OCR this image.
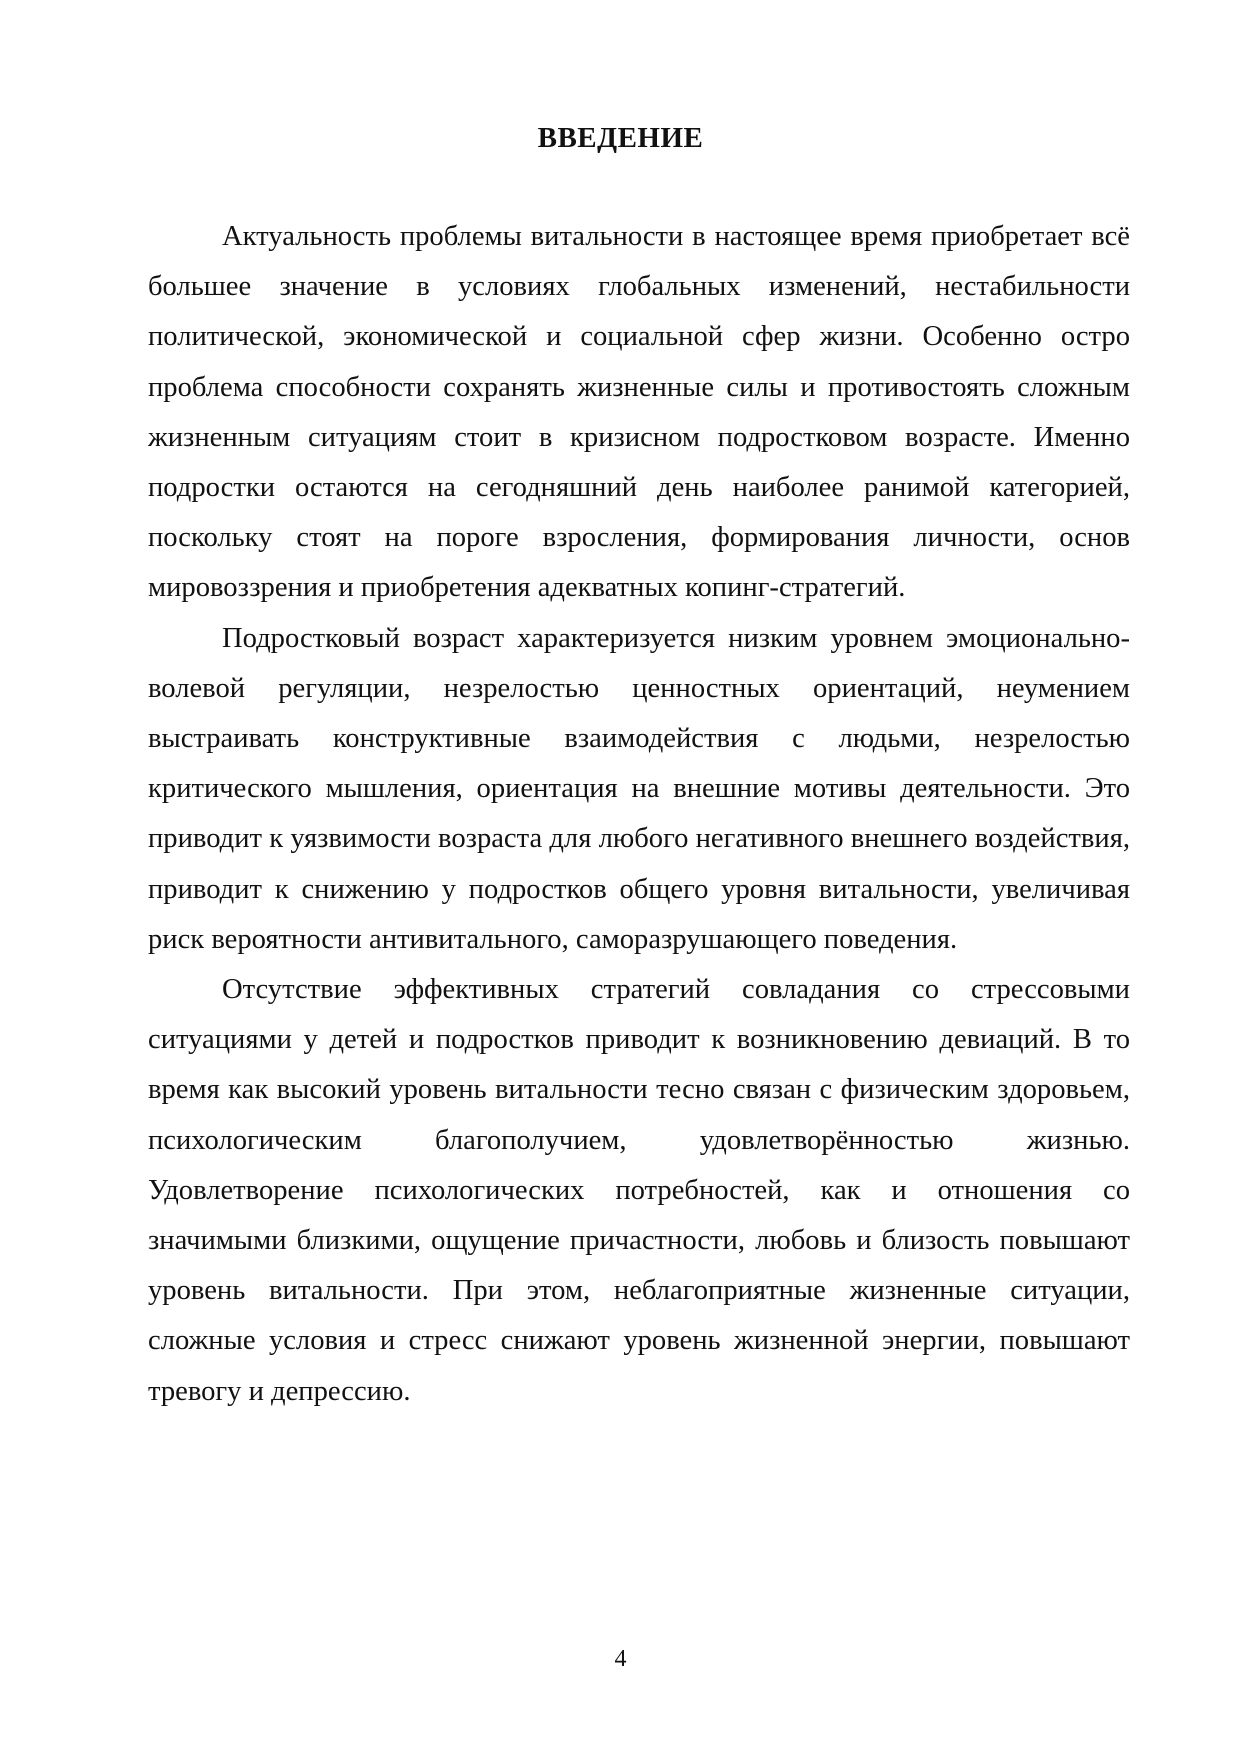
ВВЕДЕНИЕ

Актуальность проблемы витальности в настоящее время приобретает всё большее значение в условиях глобальных изменений, нестабильности политической, экономической и социальной сфер жизни. Особенно остро проблема способности сохранять жизненные силы и противостоять сложным жизненным ситуациям стоит в кризисном подростковом возрасте. Именно подростки остаются на сегодняшний день наиболее ранимой категорией, поскольку стоят на пороге взросления, формирования личности, основ мировоззрения и приобретения адекватных копинг-стратегий.

Подростковый возраст характеризуется низким уровнем эмоционально-волевой регуляции, незрелостью ценностных ориентаций, неумением выстраивать конструктивные взаимодействия с людьми, незрелостью критического мышления, ориентация на внешние мотивы деятельности. Это приводит к уязвимости возраста для любого негативного внешнего воздействия, приводит к снижению у подростков общего уровня витальности, увеличивая риск вероятности антивитального, саморазрушающего поведения.

Отсутствие эффективных стратегий совладания со стрессовыми ситуациями у детей и подростков приводит к возникновению девиаций. В то время как высокий уровень витальности тесно связан с физическим здоровьем, психологическим благополучием, удовлетворённостью жизнью. Удовлетворение психологических потребностей, как и отношения со значимыми близкими, ощущение причастности, любовь и близость повышают уровень витальности. При этом, неблагоприятные жизненные ситуации, сложные условия и стресс снижают уровень жизненной энергии, повышают тревогу и депрессию.

4
